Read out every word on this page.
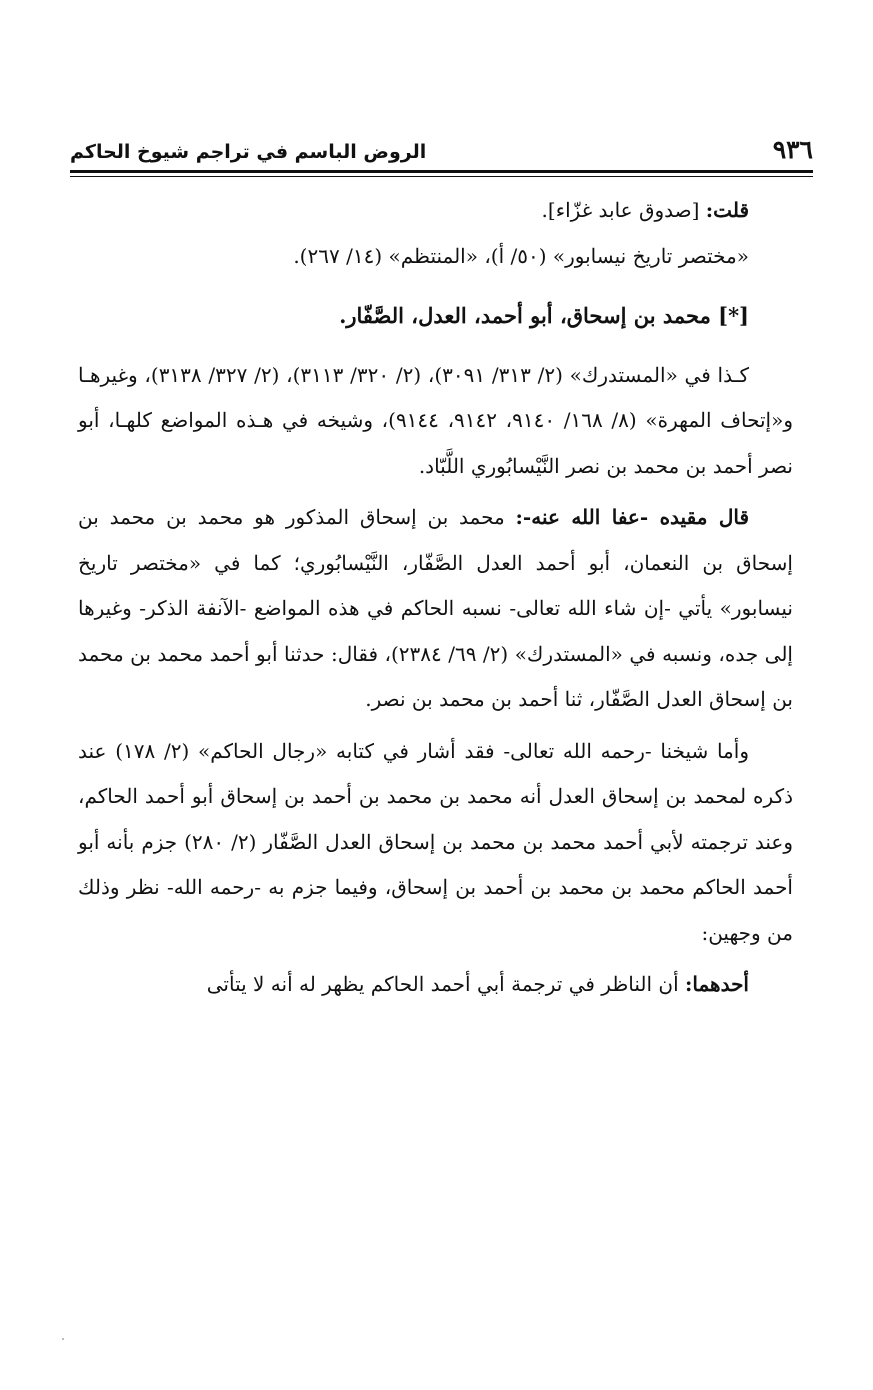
٩٣٦
الروض الباسم في تراجم شيوخ الحاكم

قلت: [صدوق عابد غزّاء].

«مختصر تاريخ نيسابور» (٥٠/ أ)، «المنتظم» (١٤/ ٢٦٧).

[*] محمد بن إسحاق، أبو أحمد، العدل، الصَّفّار.

كـذا في «المستدرك» (٢/ ٣١٣/ ٣٠٩١)، (٢/ ٣٢٠/ ٣١١٣)، (٢/ ٣٢٧/ ٣١٣٨)، وغيرهـا و«إتحاف المهرة» (٨/ ١٦٨/ ٩١٤٠، ٩١٤٢، ٩١٤٤)، وشيخه في هـذه المواضع كلهـا، أبو نصر أحمد بن محمد بن نصر النَّيْسابُوري اللَّبّاد.

قال مقيده -عفا الله عنه-: محمد بن إسحاق المذكور هو محمد بن محمد بن إسحاق بن النعمان، أبو أحمد العدل الصَّفّار، النَّيْسابُوري؛ كما في «مختصر تاريخ نيسابور» يأتي -إن شاء الله تعالى- نسبه الحاكم في هذه المواضع -الآنفة الذكر- وغيرها إلى جده، ونسبه في «المستدرك» (٢/ ٦٩/ ٢٣٨٤)، فقال: حدثنا أبو أحمد محمد بن محمد بن إسحاق العدل الصَّفّار، ثنا أحمد بن محمد بن نصر.

وأما شيخنا -رحمه الله تعالى- فقد أشار في كتابه «رجال الحاكم» (٢/ ١٧٨) عند ذكره لمحمد بن إسحاق العدل أنه محمد بن محمد بن أحمد بن إسحاق أبو أحمد الحاكم، وعند ترجمته لأبي أحمد محمد بن محمد بن إسحاق العدل الصَّفّار (٢/ ٢٨٠) جزم بأنه أبو أحمد الحاكم محمد بن محمد بن أحمد بن إسحاق، وفيما جزم به -رحمه الله- نظر وذلك من وجهين:

أحدهما: أن الناظر في ترجمة أبي أحمد الحاكم يظهر له أنه لا يتأتى
